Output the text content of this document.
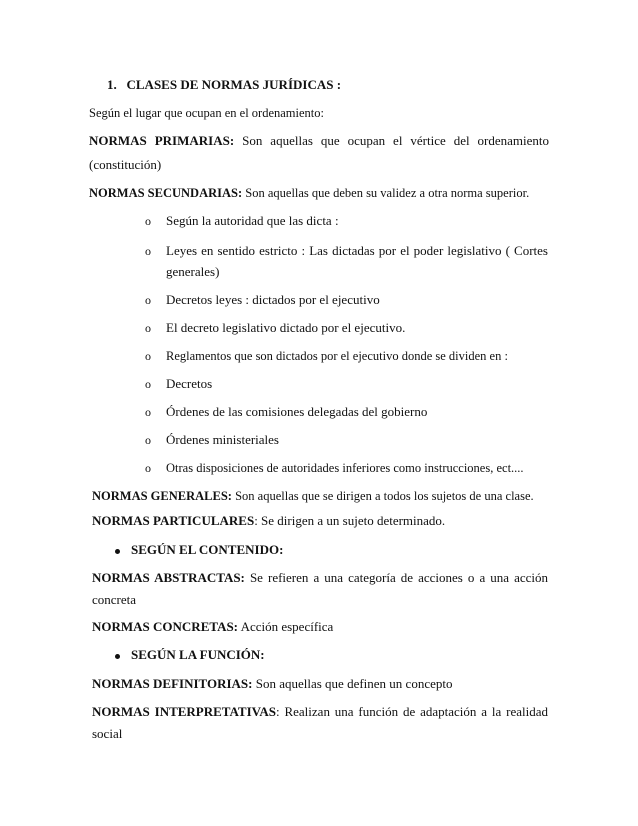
1. CLASES DE NORMAS JURÍDICAS :
Según el lugar que ocupan en el ordenamiento:
NORMAS PRIMARIAS: Son aquellas que ocupan el vértice del ordenamiento
(constitución)
NORMAS SECUNDARIAS: Son aquellas que deben su validez a otra norma superior.
o Según la autoridad que las dicta :
o Leyes en sentido estricto : Las dictadas por el poder legislativo ( Cortes
generales)
o Decretos leyes : dictados por el ejecutivo
o El decreto legislativo dictado por el ejecutivo.
o Reglamentos que son dictados por el ejecutivo donde se dividen en :
o Decretos
o Órdenes de las comisiones delegadas del gobierno
o Órdenes ministeriales
o Otras disposiciones de autoridades inferiores como instrucciones, ect....
NORMAS GENERALES: Son aquellas que se dirigen a todos los sujetos de una clase.
NORMAS PARTICULARES: Se dirigen a un sujeto determinado.
SEGÚN EL CONTENIDO:
NORMAS ABSTRACTAS: Se refieren a una categoría de acciones o a una acción
concreta
NORMAS CONCRETAS: Acción específica
SEGÚN LA FUNCIÓN:
NORMAS DEFINITORIAS: Son aquellas que definen un concepto
NORMAS INTERPRETATIVAS: Realizan una función de adaptación a la realidad
social
